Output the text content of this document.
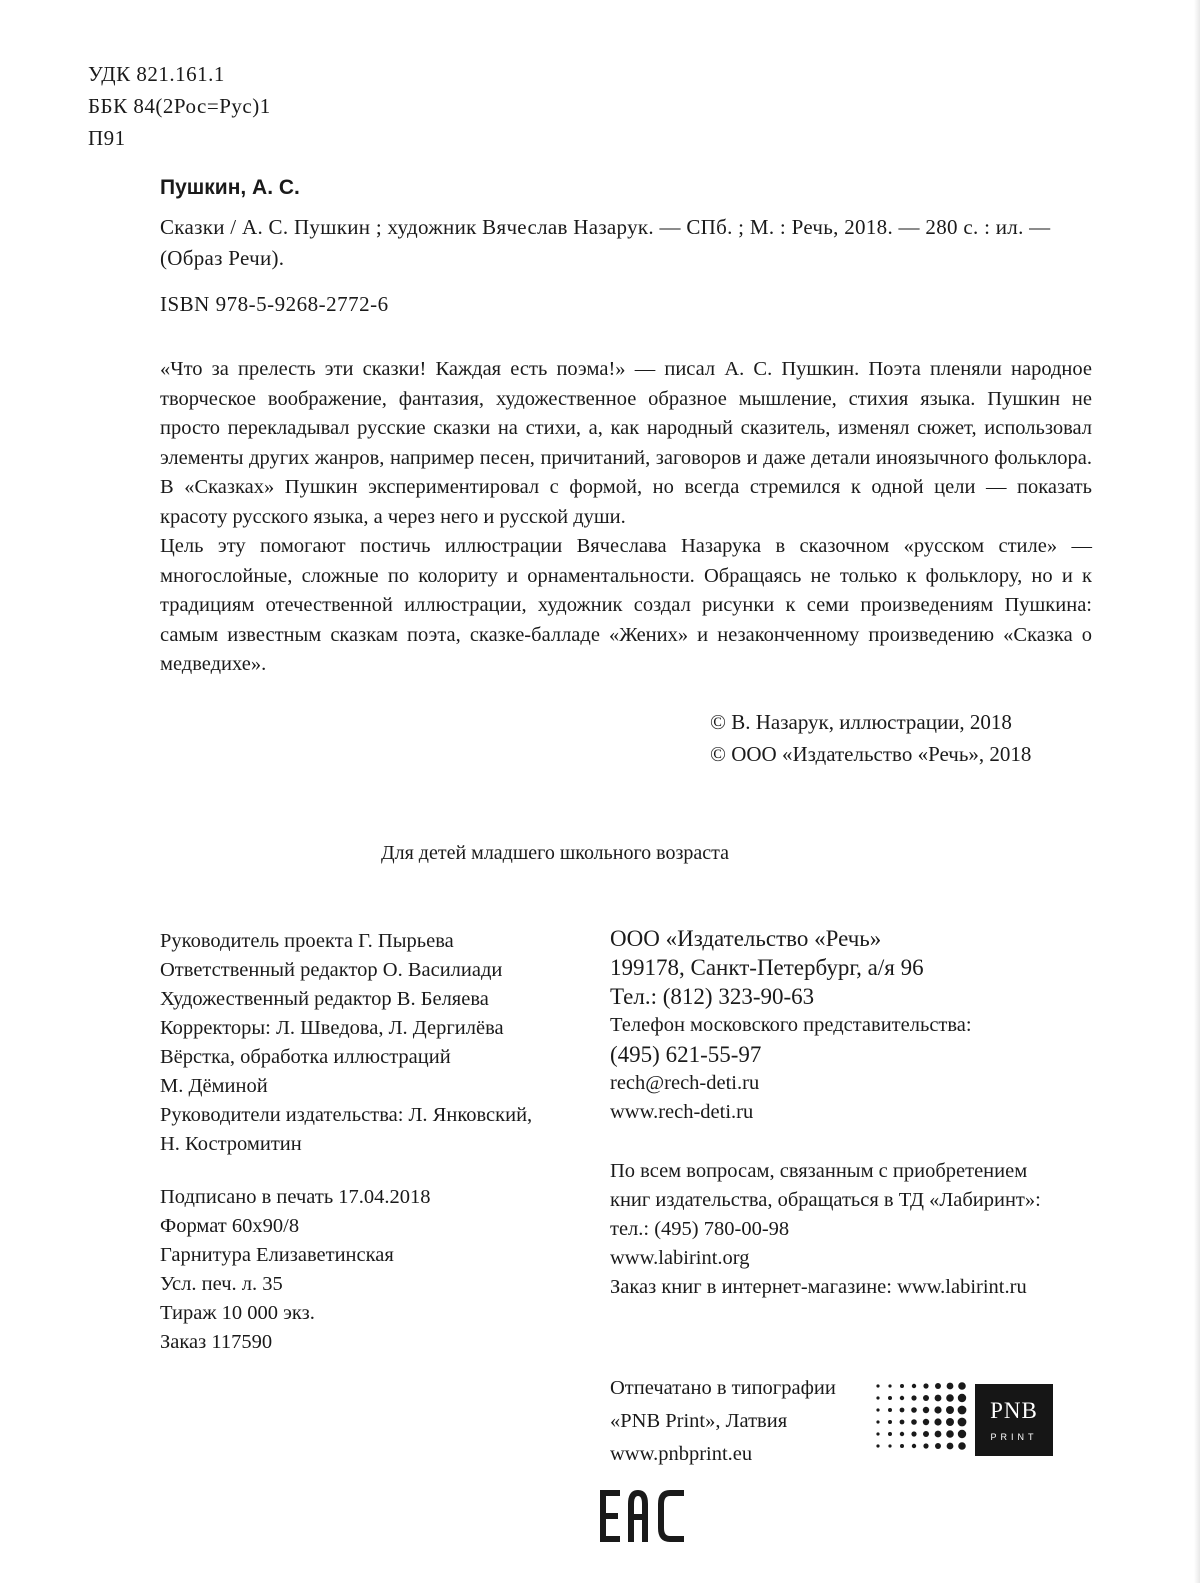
УДК 821.161.1
ББК 84(2Рос=Рус)1
П91
Пушкин, А. С.
Сказки / А. С. Пушкин ; художник Вячеслав Назарук. — СПб. ; М. : Речь, 2018. — 280 с. : ил. — (Образ Речи).
ISBN 978-5-9268-2772-6

«Что за прелесть эти сказки! Каждая есть поэма!» — писал А. С. Пушкин. Поэта пленяли народное творческое воображение, фантазия, художественное образное мышление, стихия языка. Пушкин не просто перекладывал русские сказки на стихи, а, как народный сказитель, изменял сюжет, использовал элементы других жанров, например песен, причитаний, заговоров и даже детали иноязычного фольклора. В «Сказках» Пушкин экспериментировал с формой, но всегда стремился к одной цели — показать красоту русского языка, а через него и русской души.

Цель эту помогают постичь иллюстрации Вячеслава Назарука в сказочном «русском стиле» — многослойные, сложные по колориту и орнаментальности. Обращаясь не только к фольклору, но и к традициям отечественной иллюстрации, художник создал рисунки к семи произведениям Пушкина: самым известным сказкам поэта, сказке-балладе «Жених» и незаконченному произведению «Сказка о медведихе».

© В. Назарук, иллюстрации, 2018
© ООО «Издательство «Речь», 2018
Для детей младшего школьного возраста
Руководитель проекта Г. Пырьева
Ответственный редактор О. Василиади
Художественный редактор В. Беляева
Корректоры: Л. Шведова, Л. Дергилёва
Вёрстка, обработка иллюстраций
М. Дёминой
Руководители издательства: Л. Янковский,
Н. Костромитин
Подписано в печать 17.04.2018
Формат 60х90/8
Гарнитура Елизаветинская
Усл. печ. л. 35
Тираж 10 000 экз.
Заказ 117590
ООО «Издательство «Речь»
199178, Санкт-Петербург, а/я 96
Тел.: (812) 323-90-63
Телефон московского представительства:
(495) 621-55-97
rech@rech-deti.ru
www.rech-deti.ru
По всем вопросам, связанным с приобретением
книг издательства, обращаться в ТД «Лабиринт»:
тел.: (495) 780-00-98
www.labirint.org
Заказ книг в интернет-магазине: www.labirint.ru
Отпечатано в типографии
«PNB Print», Латвия
www.pnbprint.eu
PNB
PRINT
